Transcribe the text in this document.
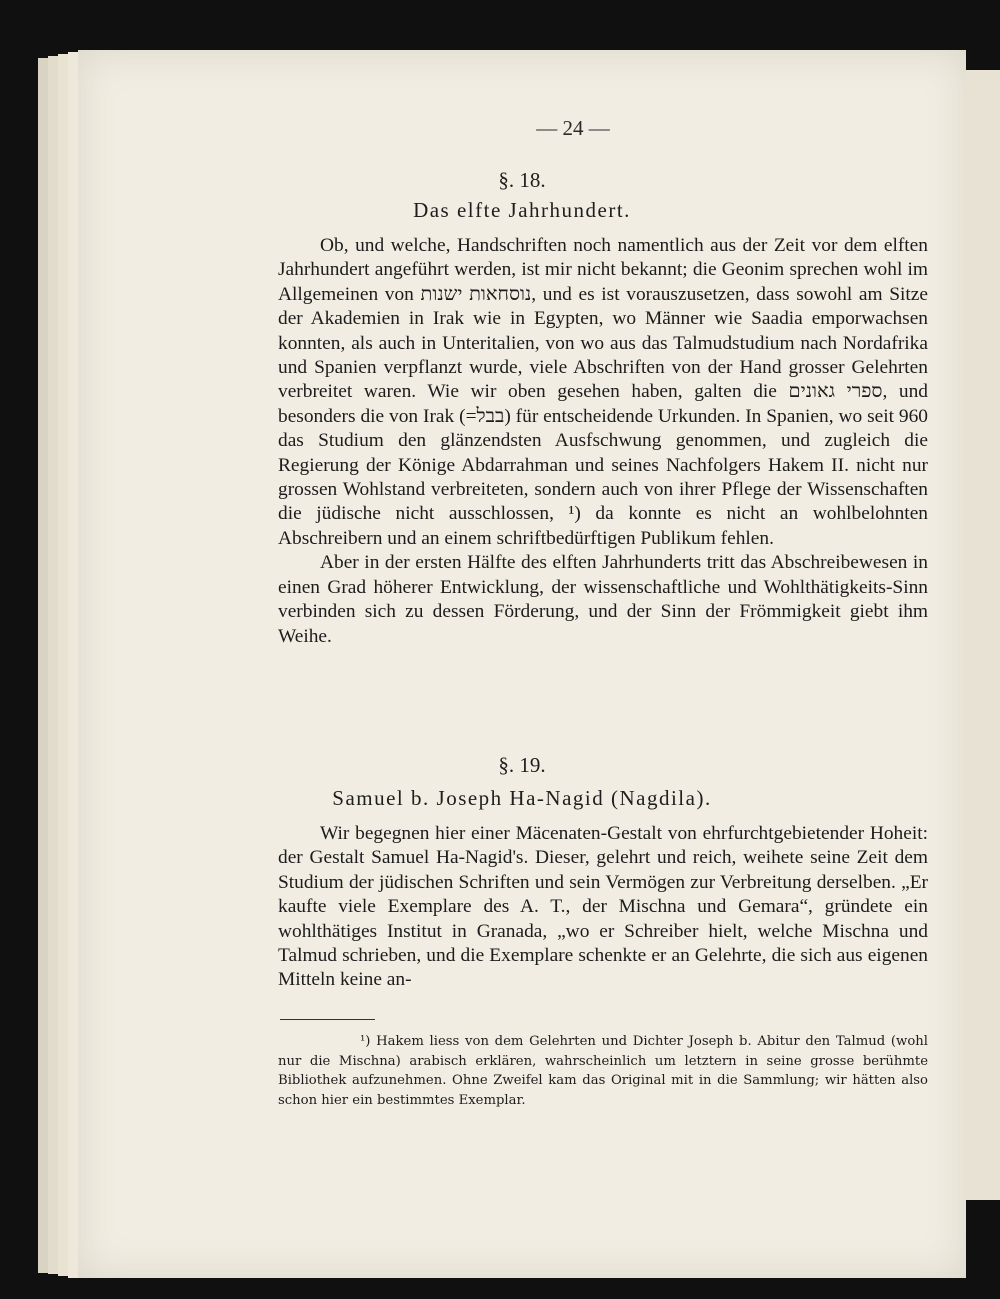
— 24 —
§. 18.
Das elfte Jahrhundert.

Ob, und welche, Handschriften noch namentlich aus der Zeit vor dem elften Jahrhundert angeführt werden, ist mir nicht bekannt; die Geonim sprechen wohl im Allgemeinen von נוסחאות ישנות, und es ist vorauszusetzen, dass sowohl am Sitze der Akademien in Irak wie in Egypten, wo Männer wie Saadia emporwachsen konnten, als auch in Unteritalien, von wo aus das Talmudstudium nach Nordafrika und Spanien verpflanzt wurde, viele Abschriften von der Hand grosser Gelehrten verbreitet waren. Wie wir oben gesehen haben, galten die ספרי גאונים, und besonders die von Irak (=בבל) für entscheidende Urkunden. In Spanien, wo seit 960 das Studium den glänzendsten Ausfschwung genommen, und zugleich die Regierung der Könige Abdarrahman und seines Nachfolgers Hakem II. nicht nur grossen Wohlstand verbreiteten, sondern auch von ihrer Pflege der Wissenschaften die jüdische nicht ausschlossen, ¹) da konnte es nicht an wohlbelohnten Abschreibern und an einem schriftbedürftigen Publikum fehlen.

Aber in der ersten Hälfte des elften Jahrhunderts tritt das Abschreibewesen in einen Grad höherer Entwicklung, der wissenschaftliche und Wohlthätigkeits-Sinn verbinden sich zu dessen Förderung, und der Sinn der Frömmigkeit giebt ihm Weihe.

§. 19.
Samuel b. Joseph Ha-Nagid (Nagdila).

Wir begegnen hier einer Mäcenaten-Gestalt von ehrfurchtgebietender Hoheit: der Gestalt Samuel Ha-Nagid's. Dieser, gelehrt und reich, weihete seine Zeit dem Studium der jüdischen Schriften und sein Vermögen zur Verbreitung derselben. „Er kaufte viele Exemplare des A. T., der Mischna und Gemara“, gründete ein wohlthätiges Institut in Granada, „wo er Schreiber hielt, welche Mischna und Talmud schrieben, und die Exemplare schenkte er an Gelehrte, die sich aus eigenen Mitteln keine an-

¹) Hakem liess von dem Gelehrten und Dichter Joseph b. Abitur den Talmud (wohl nur die Mischna) arabisch erklären, wahrscheinlich um letztern in seine grosse berühmte Bibliothek aufzunehmen. Ohne Zweifel kam das Original mit in die Sammlung; wir hätten also schon hier ein bestimmtes Exemplar.
